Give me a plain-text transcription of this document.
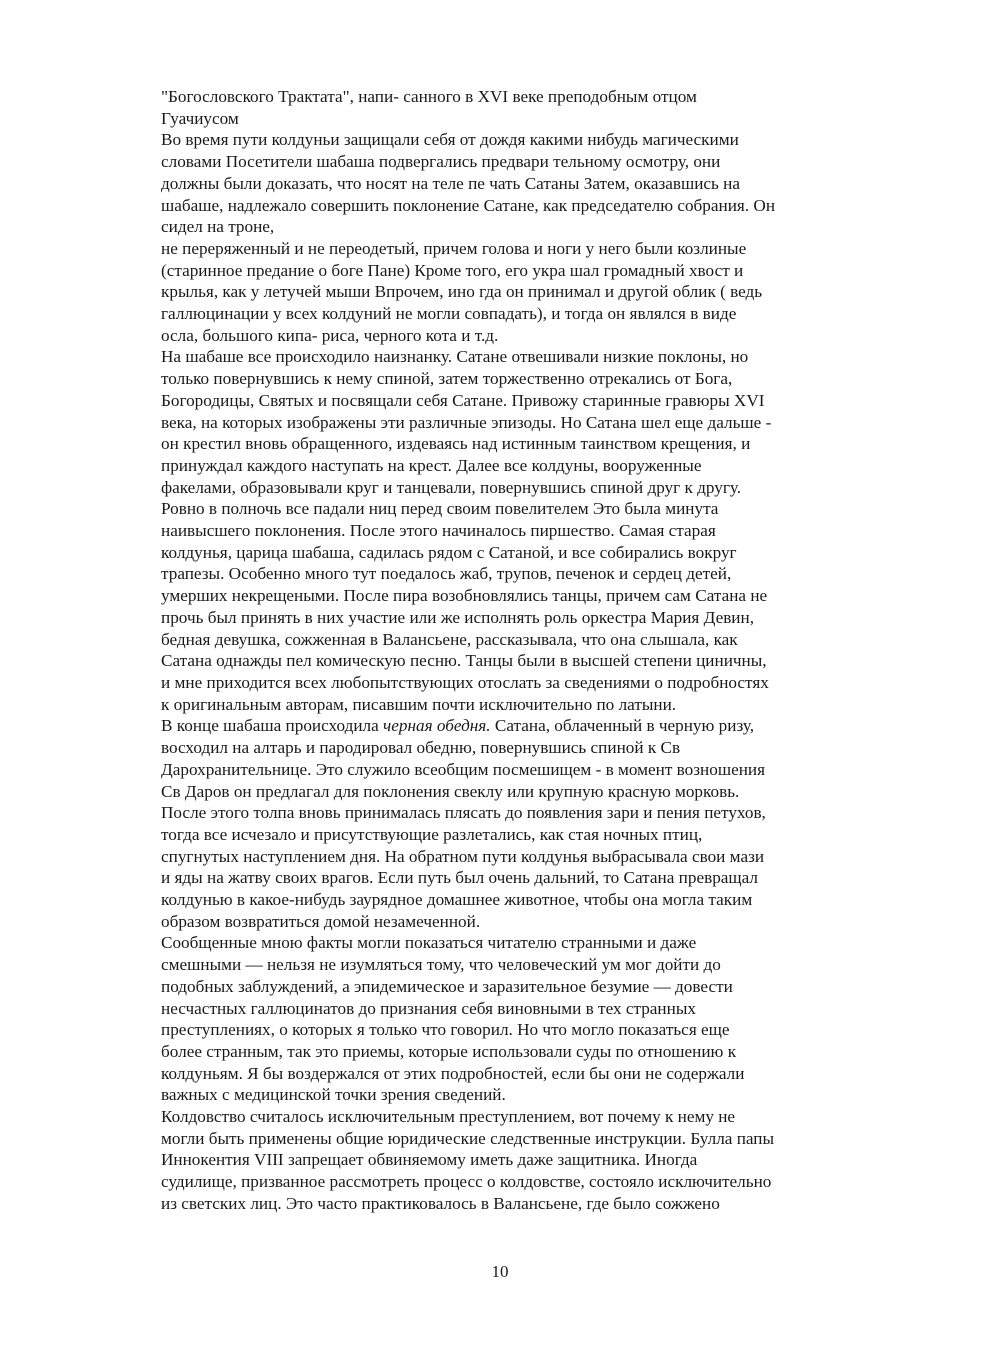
"Богословского Трактата", напи- санного в XVI веке преподобным отцом
Гуачиусом
Во время пути колдуньи защищали себя от дождя какими нибудь магическими
словами Посетители шабаша подвергались предвари тельному осмотру, они
должны были доказать, что носят на теле пе чать Сатаны Затем, оказавшись на
шабаше, надлежало совершить поклонение Сатане, как председателю собрания. Он
сидел на троне,
не переряженный и не переодетый, причем голова и ноги у него были козлиные
(старинное предание о боге Пане) Кроме того, его укра шал громадный хвост и
крылья, как у летучей мыши Впрочем, ино гда он принимал и другой облик ( ведь
галлюцинации у всех колдуний не могли совпадать), и тогда он являлся в виде
осла, большого кипа- риса, черного кота и т.д.
На шабаше все происходило наизнанку. Сатане отвешивали низкие поклоны, но
только повернувшись к нему спиной, затем торжественно отрекались от Бога,
Богородицы, Святых и посвящали себя Сатане. Привожу старинные гравюры XVI
века, на которых изображены эти различные эпизоды. Но Сатана шел еще дальше -
он крестил вновь обращенного, издеваясь над истинным таинством крещения, и
принуждал каждого наступать на крест. Далее все колдуны, вооруженные
факелами, образовывали круг и танцевали, повернувшись спиной друг к другу.
Ровно в полночь все падали ниц перед своим повелителем Это была минута
наивысшего поклонения. После этого начиналось пиршество. Самая старая
колдунья, царица шабаша, садилась рядом с Сатаной, и все собирались вокруг
трапезы. Особенно много тут поедалось жаб, трупов, печенок и сердец детей,
умерших некрещеными. После пира возобновлялись танцы, причем сам Сатана не
прочь был принять в них участие или же исполнять роль оркестра Мария Девин,
бедная девушка, сожженная в Валансьене, рассказывала, что она слышала, как
Сатана однажды пел комическую песню. Танцы были в высшей степени циничны,
и мне приходится всех любопытствующих отослать за сведениями о подробностях
к оригинальным авторам, писавшим почти исключительно по латыни.
В конце шабаша происходила черная обедня. Сатана, облаченный в черную ризу,
восходил на алтарь и пародировал обедню, повернувшись спиной к Св
Дарохранительнице. Это служило всеобщим посмешищем - в момент возношения
Св Даров он предлагал для поклонения свеклу или крупную красную морковь.
После этого толпа вновь принималась плясать до появления зари и пения петухов,
тогда все исчезало и присутствующие разлетались, как стая ночных птиц,
спугнутых наступлением дня. На обратном пути колдунья выбрасывала свои мази
и яды на жатву своих врагов. Если путь был очень дальний, то Сатана превращал
колдунью в какое-нибудь заурядное домашнее животное, чтобы она могла таким
образом возвратиться домой незамеченной.
Сообщенные мною факты могли показаться читателю странными и даже
смешными — нельзя не изумляться тому, что человеческий ум мог дойти до
подобных заблуждений, а эпидемическое и заразительное безумие — довести
несчастных галлюцинатов до признания себя виновными в тех странных
преступлениях, о которых я только что говорил. Но что могло показаться еще
более странным, так это приемы, которые использовали суды по отношению к
колдуньям. Я бы воздержался от этих подробностей, если бы они не содержали
важных с медицинской точки зрения сведений.
Колдовство считалось исключительным преступлением, вот почему к нему не
могли быть применены общие юридические следственные инструкции. Булла папы
Иннокентия VIII запрещает обвиняемому иметь даже защитника. Иногда
судилище, призванное рассмотреть процесс о колдовстве, состояло исключительно
из светских лиц. Это часто практиковалось в Валансьене, где было сожжено
10
